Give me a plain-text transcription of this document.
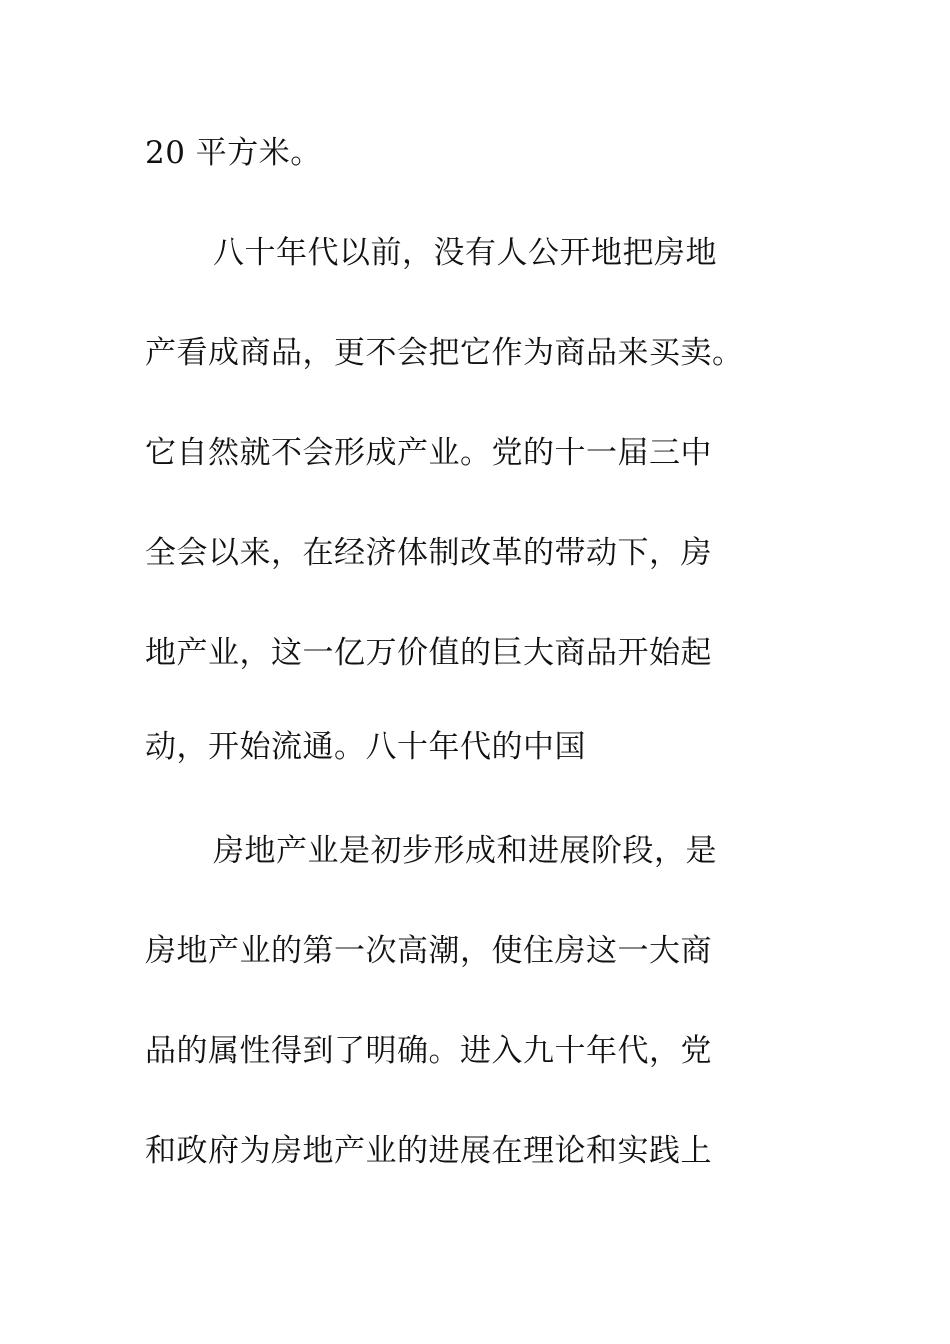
20 平方米。
八十年代以前，没有人公开地把房地
产看成商品，更不会把它作为商品来买卖。
它自然就不会形成产业。党的十一届三中
全会以来，在经济体制改革的带动下，房
地产业，这一亿万价值的巨大商品开始起
动，开始流通。八十年代的中国
房地产业是初步形成和进展阶段，是
房地产业的第一次高潮，使住房这一大商
品的属性得到了明确。进入九十年代，党
和政府为房地产业的进展在理论和实践上
